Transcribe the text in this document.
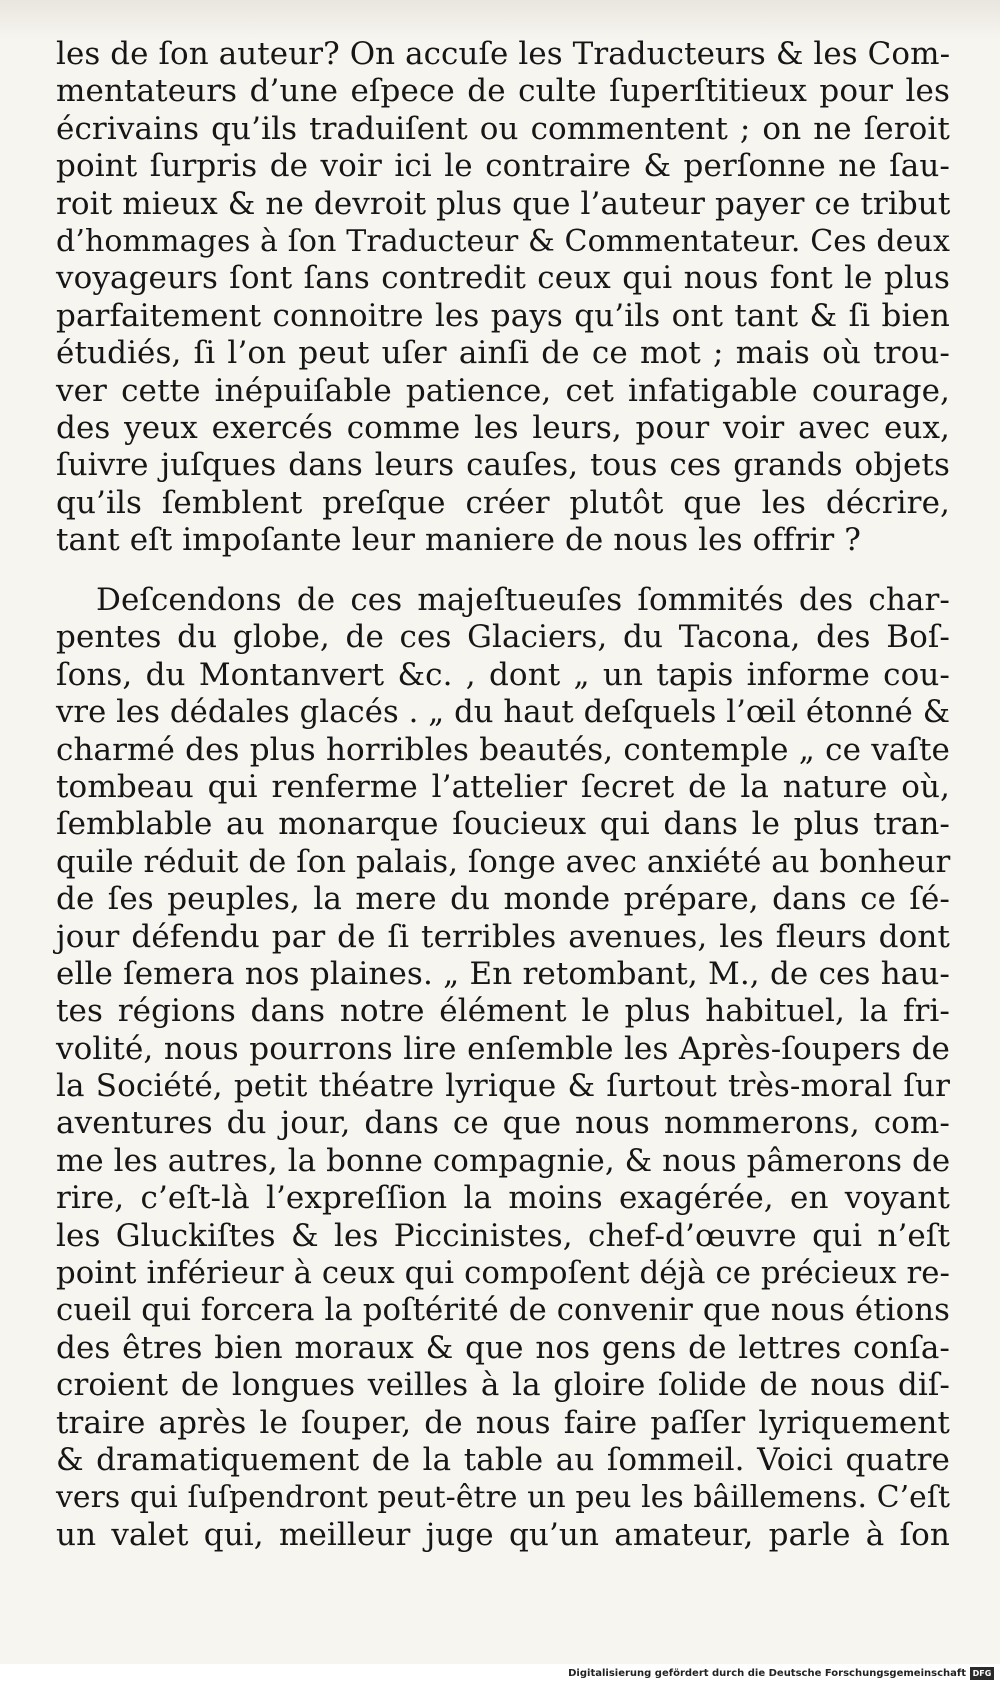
les de ſon auteur? On accuſe les Traducteurs & les Com-
mentateurs d’une eſpece de culte ſuperſtitieux pour les
écrivains qu’ils traduiſent ou commentent ; on ne ſeroit
point ſurpris de voir ici le contraire & perſonne ne ſau-
roit mieux & ne devroit plus que l’auteur payer ce tribut
d’hommages à ſon Traducteur & Commentateur. Ces deux
voyageurs ſont ſans contredit ceux qui nous font le plus
parfaitement connoitre les pays qu’ils ont tant & ſi bien
étudiés, ſi l’on peut uſer ainſi de ce mot ; mais où trou-
ver cette inépuiſable patience, cet infatigable courage,
des yeux exercés comme les leurs, pour voir avec eux,
ſuivre juſques dans leurs cauſes, tous ces grands objets
qu’ils ſemblent preſque créer plutôt que les décrire,
tant eſt impoſante leur maniere de nous les offrir ?
Deſcendons de ces majeſtueuſes ſommités des char-
pentes du globe, de ces Glaciers, du Tacona, des Boſ-
ſons, du Montanvert &c. , dont „ un tapis informe cou-
vre les dédales glacés . „ du haut deſquels l’œil étonné &
charmé des plus horribles beautés, contemple „ ce vaſte
tombeau qui renferme l’attelier ſecret de la nature où,
ſemblable au monarque ſoucieux qui dans le plus tran-
quile réduit de ſon palais, ſonge avec anxiété au bonheur
de ſes peuples, la mere du monde prépare, dans ce ſé-
jour défendu par de ſi terribles avenues, les fleurs dont
elle ſemera nos plaines. „ En retombant, M., de ces hau-
tes régions dans notre élément le plus habituel, la fri-
volité, nous pourrons lire enſemble les Après-ſoupers de
la Société, petit théatre lyrique & ſurtout très-moral ſur
aventures du jour, dans ce que nous nommerons, com-
me les autres, la bonne compagnie, & nous pâmerons de
rire, c’eſt-là l’expreſſion la moins exagérée, en voyant
les Gluckiſtes & les Piccinistes, chef-d’œuvre qui n’eſt
point inférieur à ceux qui compoſent déjà ce précieux re-
cueil qui forcera la poſtérité de convenir que nous étions
des êtres bien moraux & que nos gens de lettres conſa-
croient de longues veilles à la gloire ſolide de nous diſ-
traire après le ſouper, de nous faire paſſer lyriquement
& dramatiquement de la table au ſommeil. Voici quatre
vers qui ſuſpendront peut-être un peu les bâillemens. C’eſt
un valet qui, meilleur juge qu’un amateur, parle à ſon
Digitalisierung gefördert durch die Deutsche Forschungsgemeinschaft DFG
